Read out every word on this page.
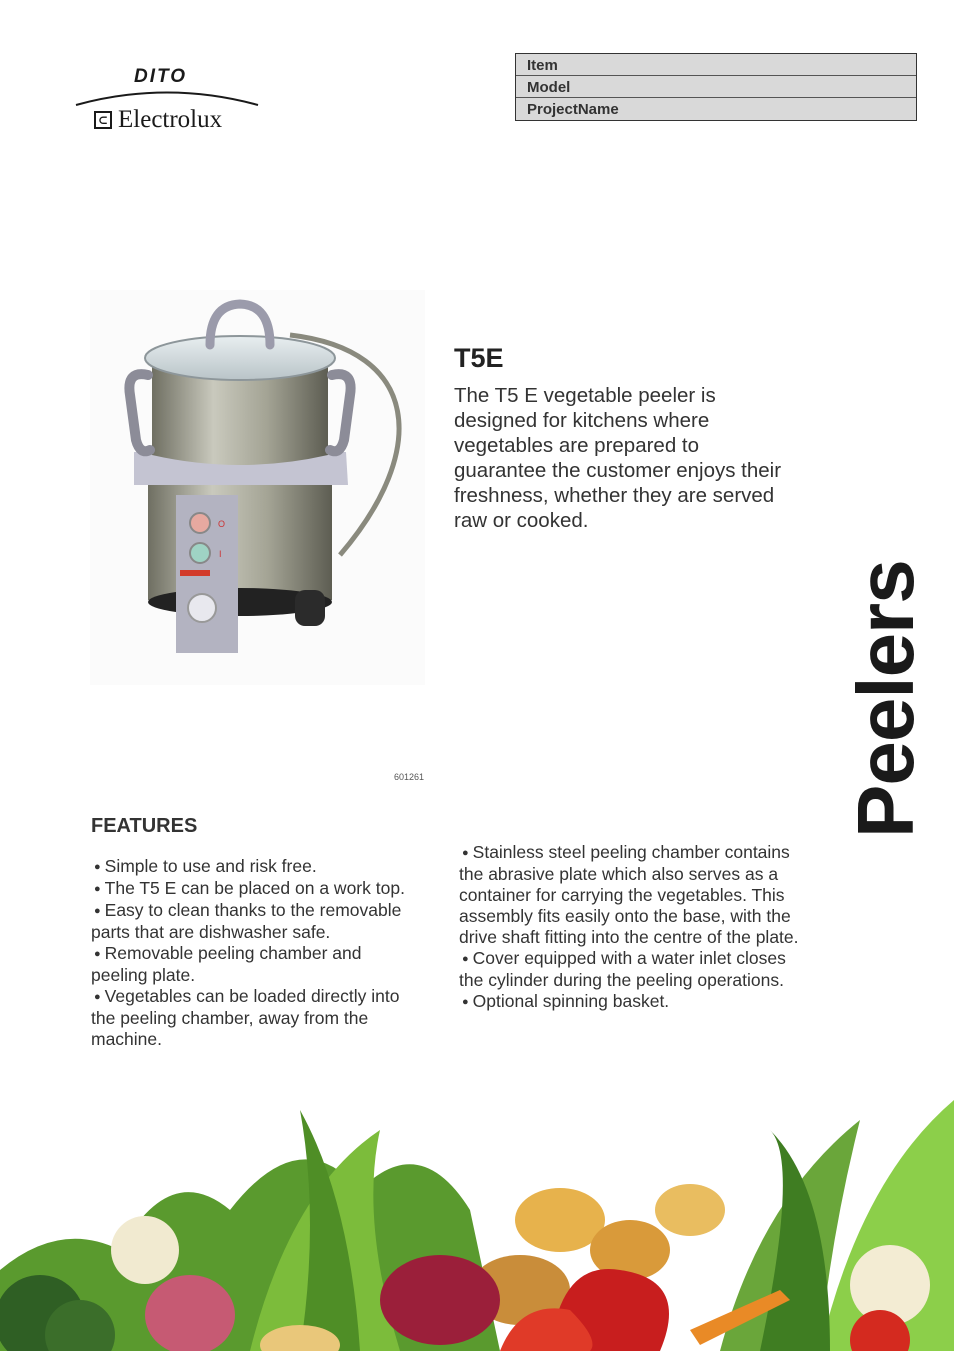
DITO
⊂ Electrolux
Item
Model
ProjectName
O
I
601261
T5E

The T5 E vegetable peeler is designed for kitchens where vegetables are prepared to guarantee the customer enjoys their freshness, whether they are served raw or cooked.

Peelers
FEATURES
● Simple to use and risk free.
● The T5 E can be placed on a work top.
● Easy to clean thanks to the removable parts that are dishwasher safe.
● Removable peeling chamber and peeling plate.
● Vegetables can be loaded directly into the peeling chamber, away from the machine.
● Stainless steel peeling chamber contains the abrasive plate which also serves as a container for carrying the vegetables. This assembly fits easily onto the base, with the drive shaft fitting into the centre of the plate.
● Cover equipped with a water inlet closes the cylinder during the peeling operations.
● Optional spinning basket.
